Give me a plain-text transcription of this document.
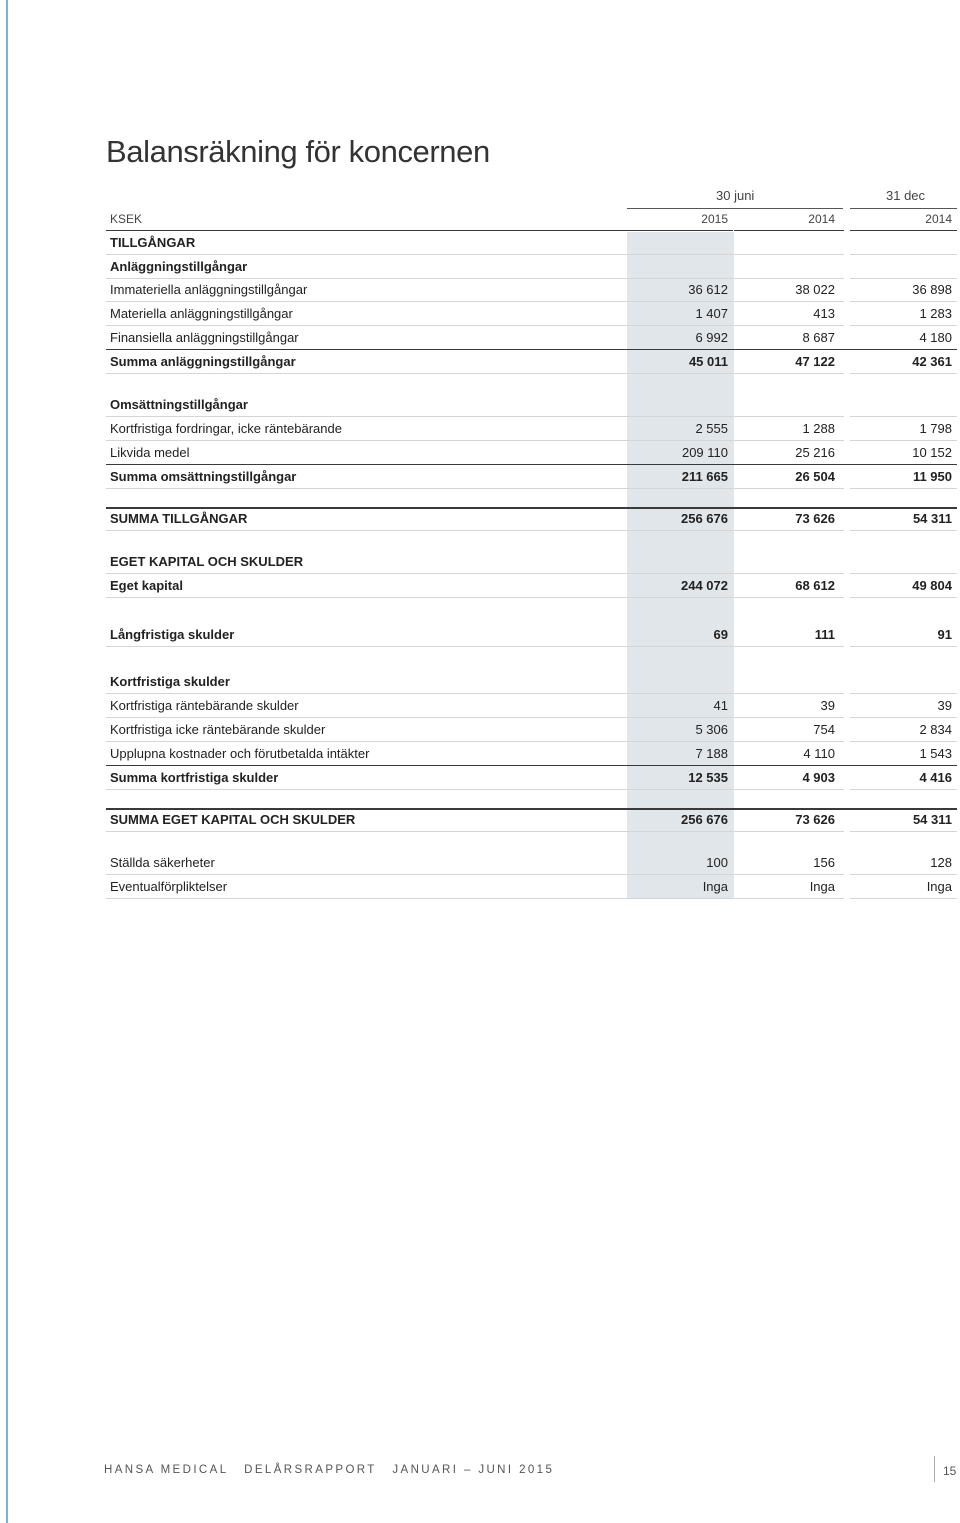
Balansräkning för koncernen
30 juni	31 dec
KSEK	2015	2014	2014
TILLGÅNGAR
Anläggningstillgångar
Immateriella anläggningstillgångar	36 612	38 022	36 898
Materiella anläggningstillgångar	1 407	413	1 283
Finansiella anläggningstillgångar	6 992	8 687	4 180
Summa anläggningstillgångar	45 011	47 122	42 361
Omsättningstillgångar
Kortfristiga fordringar, icke räntebärande	2 555	1 288	1 798
Likvida medel	209 110	25 216	10 152
Summa omsättningstillgångar	211 665	26 504	11 950
SUMMA TILLGÅNGAR	256 676	73 626	54 311
EGET KAPITAL OCH SKULDER
Eget kapital	244 072	68 612	49 804
Långfristiga skulder	69	111	91
Kortfristiga skulder
Kortfristiga räntebärande skulder	41	39	39
Kortfristiga icke räntebärande skulder	5 306	754	2 834
Upplupna kostnader och förutbetalda intäkter	7 188	4 110	1 543
Summa kortfristiga skulder	12 535	4 903	4 416
SUMMA EGET KAPITAL OCH SKULDER	256 676	73 626	54 311
Ställda säkerheter	100	156	128
Eventualförpliktelser	Inga	Inga	Inga
HANSA MEDICAL DELÅRSRAPPORT JANUARI – JUNI 2015	15
